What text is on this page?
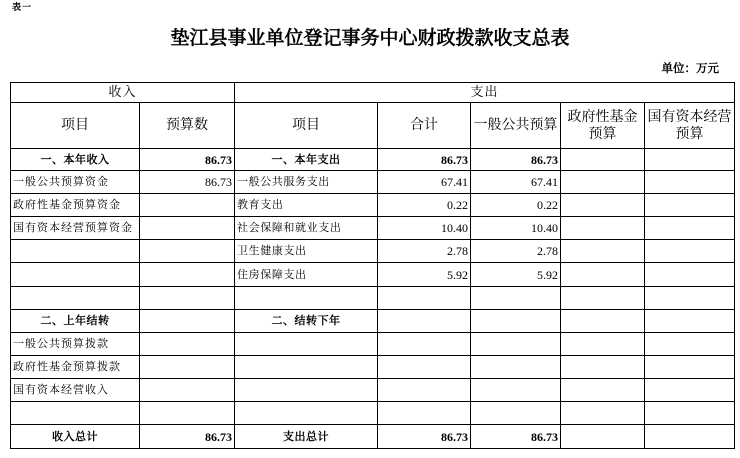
表一
垫江县事业单位登记事务中心财政拨款收支总表
单位：万元
收入		支出				
项目	预算数	项目	合计	一般公共预算	政府性基金预算	国有资本经营预算
一、本年收入	86.73	一、本年支出	86.73	86.73		
一般公共预算资金	86.73	一般公共服务支出	67.41	67.41		
政府性基金预算资金		教育支出	0.22	0.22		
国有资本经营预算资金		社会保障和就业支出	10.40	10.40		
		卫生健康支出	2.78	2.78		
		住房保障支出	5.92	5.92		

二、上年结转		二、结转下年				
一般公共预算拨款						
政府性基金预算拨款						
国有资本经营收入						

收入总计	86.73	支出总计	86.73	86.73		
